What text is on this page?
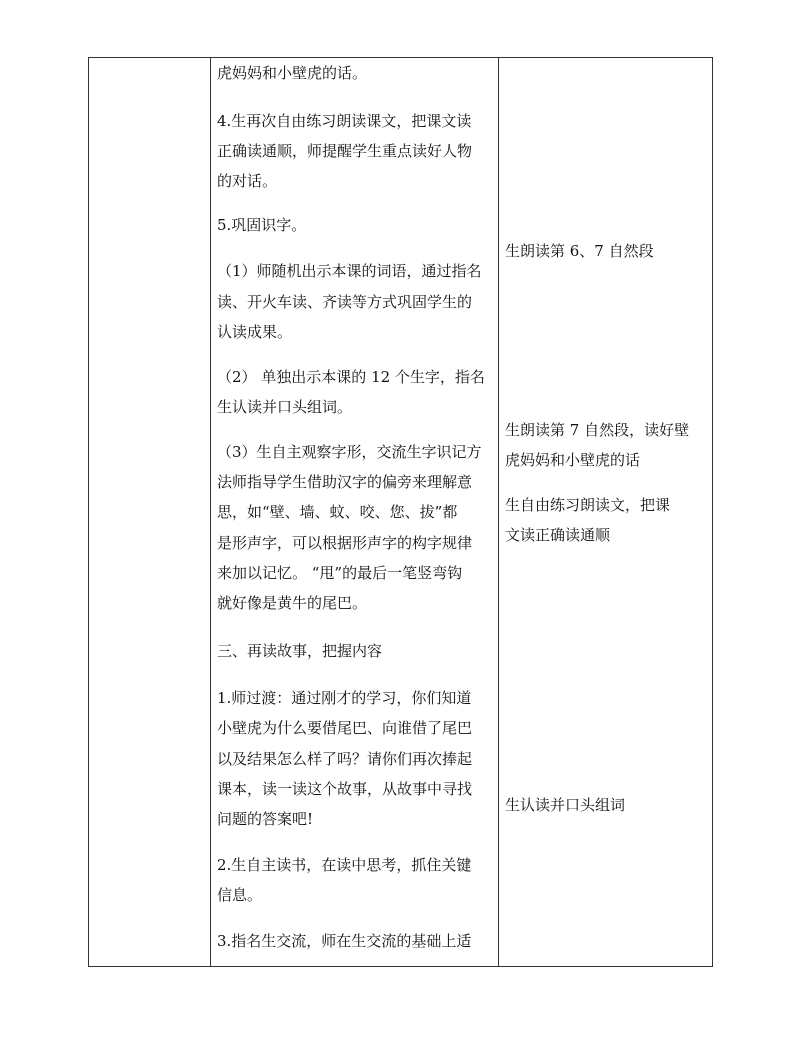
虎妈妈和小壁虎的话。

4.生再次自由练习朗读课文，把课文读

正确读通顺，师提醒学生重点读好人物

的对话。

5.巩固识字。

（1）师随机出示本课的词语，通过指名

读、开火车读、齐读等方式巩固学生的

认读成果。

（2） 单独出示本课的 12 个生字，指名

生认读并口头组词。

（3）生自主观察字形，交流生字识记方

法师指导学生借助汉字的偏旁来理解意

思，如“壁、墙、蚊、咬、您、拔”都

是形声字，可以根据形声字的构字规律

来加以记忆。 “甩”的最后一笔竖弯钩

就好像是黄牛的尾巴。

三、再读故事，把握内容

1.师过渡：通过刚才的学习，你们知道

小壁虎为什么要借尾巴、向谁借了尾巴

以及结果怎么样了吗？请你们再次捧起

课本，读一读这个故事，从故事中寻找

问题的答案吧!

2.生自主读书，在读中思考，抓住关键

信息。

3.指名生交流，师在生交流的基础上适

生朗读第 6、7 自然段

生朗读第 7 自然段，读好壁

虎妈妈和小壁虎的话

生自由练习朗读文，把课

文读正确读通顺

生认读并口头组词
